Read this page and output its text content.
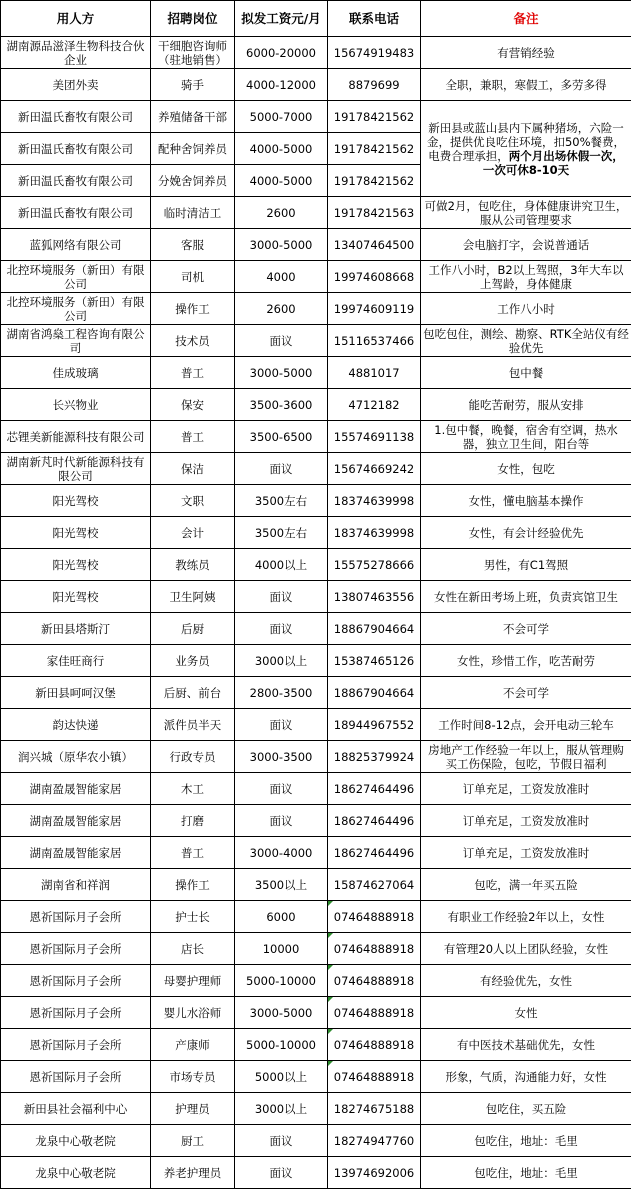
用人方	招聘岗位	拟发工资元/月	联系电话	备注
湖南源品滋泽生物科技合伙企业	干细胞咨询师（驻地销售）	6000-20000	15674919483	有营销经验
美团外卖	骑手	4000-12000	8879699	全职，兼职，寒假工，多劳多得
新田温氏畜牧有限公司	养殖储备干部	5000-7000	19178421562	新田县或蓝山县内下属种猪场，六险一金，提供优良吃住环境，扣50%餐费，电费合理承担，两个月出场休假一次，一次可休8-10天
新田温氏畜牧有限公司	配种舍饲养员	4000-5000	19178421562	
新田温氏畜牧有限公司	分娩舍饲养员	4000-5000	19178421562	
新田温氏畜牧有限公司	临时清洁工	2600	19178421563	可做2月，包吃住，身体健康讲究卫生，服从公司管理要求
蓝狐网络有限公司	客服	3000-5000	13407464500	会电脑打字，会说普通话
北控环境服务（新田）有限公司	司机	4000	19974608668	工作八小时，B2以上驾照，3年大车以上驾龄，身体健康
北控环境服务（新田）有限公司	操作工	2600	19974609119	工作八小时
湖南省鸿燊工程咨询有限公司	技术员	面议	15116537466	包吃包住，测绘、勘察、RTK全站仪有经验优先
佳成玻璃	普工	3000-5000	4881017	包中餐
长兴物业	保安	3500-3600	4712182	能吃苦耐劳，服从安排
芯锂美新能源科技有限公司	普工	3500-6500	15574691138	1.包中餐，晚餐，宿舍有空调，热水器，独立卫生间，阳台等
湖南新芃时代新能源科技有限公司	保洁	面议	15674669242	女性，包吃
阳光驾校	文职	3500左右	18374639998	女性，懂电脑基本操作
阳光驾校	会计	3500左右	18374639998	女性，有会计经验优先
阳光驾校	教练员	4000以上	15575278666	男性，有C1驾照
阳光驾校	卫生阿姨	面议	13807463556	女性在新田考场上班，负责宾馆卫生
新田县塔斯汀	后厨	面议	18867904664	不会可学
家佳旺商行	业务员	3000以上	15387465126	女性，珍惜工作，吃苦耐劳
新田县呵呵汉堡	后厨、前台	2800-3500	18867904664	不会可学
韵达快递	派件员半天	面议	18944967552	工作时间8-12点，会开电动三轮车
润兴城（原华农小镇）	行政专员	3000-3500	18825379924	房地产工作经验一年以上，服从管理购买工伤保险，包吃，节假日福利
湖南盈晟智能家居	木工	面议	18627464496	订单充足，工资发放准时
湖南盈晟智能家居	打磨	面议	18627464496	订单充足，工资发放准时
湖南盈晟智能家居	普工	3000-4000	18627464496	订单充足，工资发放准时
湖南省和祥润	操作工	3500以上	15874627064	包吃，满一年买五险
恩祈国际月子会所	护士长	6000	07464888918	有职业工作经验2年以上，女性
恩祈国际月子会所	店长	10000	07464888918	有管理20人以上团队经验，女性
恩祈国际月子会所	母婴护理师	5000-10000	07464888918	有经验优先，女性
恩祈国际月子会所	婴儿水浴师	3000-5000	07464888918	女性
恩祈国际月子会所	产康师	5000-10000	07464888918	有中医技术基础优先，女性
恩祈国际月子会所	市场专员	5000以上	07464888918	形象，气质，沟通能力好，女性
新田县社会福利中心	护理员	3000以上	18274675188	包吃住，买五险
龙泉中心敬老院	厨工	面议	18274947760	包吃住，地址：毛里
龙泉中心敬老院	养老护理员	面议	13974692006	包吃住，地址：毛里
